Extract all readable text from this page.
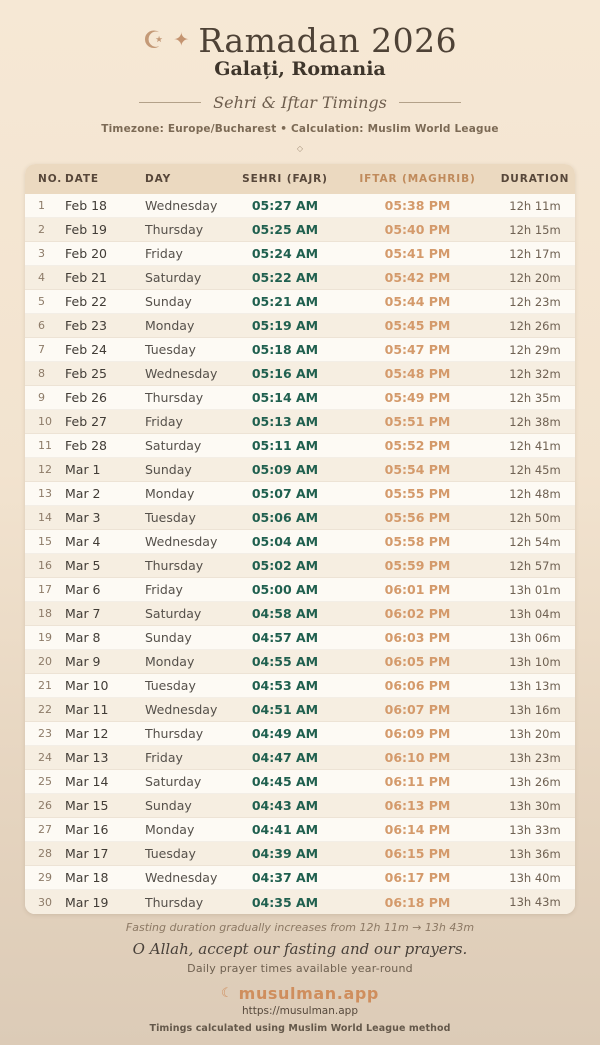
☪ ✦ Ramadan 2026
Galați, Romania
Sehri & Iftar Timings
Timezone: Europe/Bucharest • Calculation: Muslim World League
◇
NO.	DATE	DAY	SEHRI (FAJR)	IFTAR (MAGHRIB)	DURATION
1	Feb 18	Wednesday	05:27 AM	05:38 PM	12h 11m
2	Feb 19	Thursday	05:25 AM	05:40 PM	12h 15m
3	Feb 20	Friday	05:24 AM	05:41 PM	12h 17m
4	Feb 21	Saturday	05:22 AM	05:42 PM	12h 20m
5	Feb 22	Sunday	05:21 AM	05:44 PM	12h 23m
6	Feb 23	Monday	05:19 AM	05:45 PM	12h 26m
7	Feb 24	Tuesday	05:18 AM	05:47 PM	12h 29m
8	Feb 25	Wednesday	05:16 AM	05:48 PM	12h 32m
9	Feb 26	Thursday	05:14 AM	05:49 PM	12h 35m
10	Feb 27	Friday	05:13 AM	05:51 PM	12h 38m
11	Feb 28	Saturday	05:11 AM	05:52 PM	12h 41m
12	Mar 1	Sunday	05:09 AM	05:54 PM	12h 45m
13	Mar 2	Monday	05:07 AM	05:55 PM	12h 48m
14	Mar 3	Tuesday	05:06 AM	05:56 PM	12h 50m
15	Mar 4	Wednesday	05:04 AM	05:58 PM	12h 54m
16	Mar 5	Thursday	05:02 AM	05:59 PM	12h 57m
17	Mar 6	Friday	05:00 AM	06:01 PM	13h 01m
18	Mar 7	Saturday	04:58 AM	06:02 PM	13h 04m
19	Mar 8	Sunday	04:57 AM	06:03 PM	13h 06m
20	Mar 9	Monday	04:55 AM	06:05 PM	13h 10m
21	Mar 10	Tuesday	04:53 AM	06:06 PM	13h 13m
22	Mar 11	Wednesday	04:51 AM	06:07 PM	13h 16m
23	Mar 12	Thursday	04:49 AM	06:09 PM	13h 20m
24	Mar 13	Friday	04:47 AM	06:10 PM	13h 23m
25	Mar 14	Saturday	04:45 AM	06:11 PM	13h 26m
26	Mar 15	Sunday	04:43 AM	06:13 PM	13h 30m
27	Mar 16	Monday	04:41 AM	06:14 PM	13h 33m
28	Mar 17	Tuesday	04:39 AM	06:15 PM	13h 36m
29	Mar 18	Wednesday	04:37 AM	06:17 PM	13h 40m
30	Mar 19	Thursday	04:35 AM	06:18 PM	13h 43m
Fasting duration gradually increases from 12h 11m → 13h 43m
O Allah, accept our fasting and our prayers.
Daily prayer times available year-round
☾ musulman.app
https://musulman.app
Timings calculated using Muslim World League method
